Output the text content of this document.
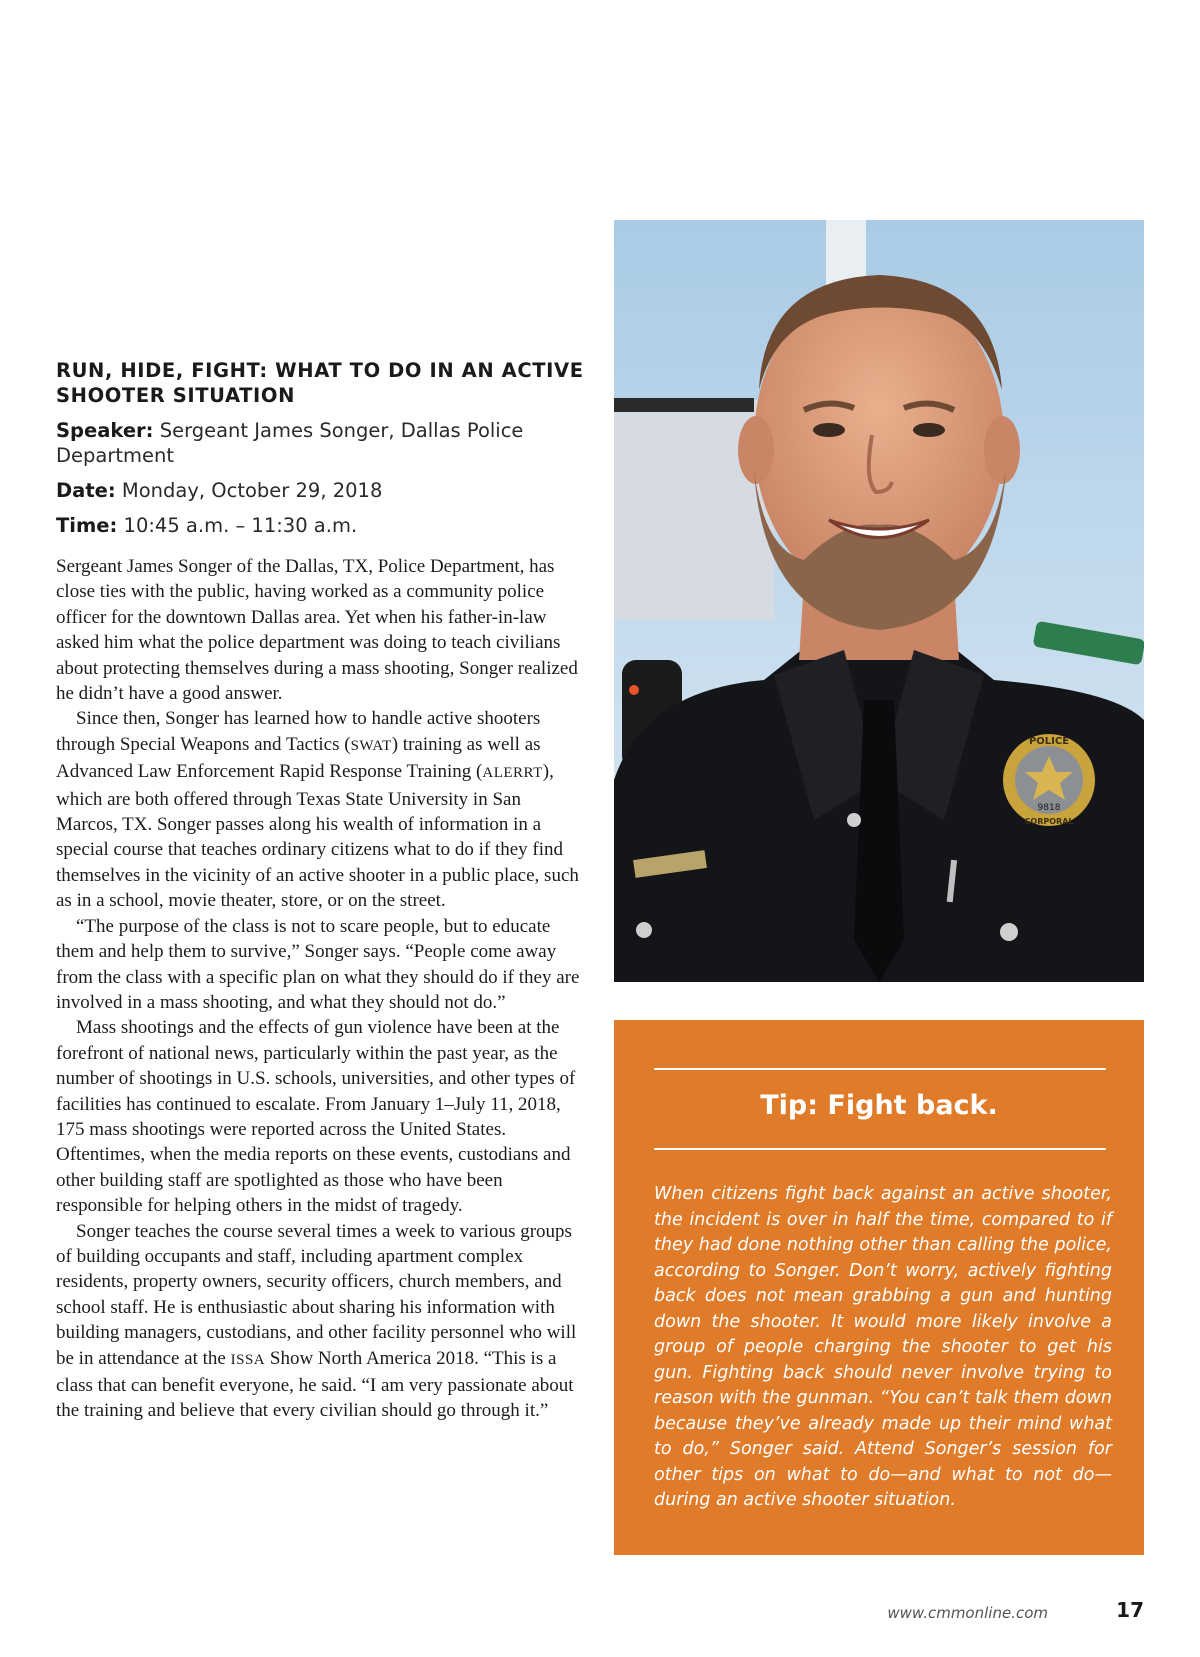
RUN, HIDE, FIGHT: WHAT TO DO IN AN ACTIVE SHOOTER SITUATION

Speaker: Sergeant James Songer, Dallas Police Department

Date: Monday, October 29, 2018

Time: 10:45 a.m. – 11:30 a.m.

Sergeant James Songer of the Dallas, TX, Police Department, has close ties with the public, having worked as a community police officer for the downtown Dallas area. Yet when his father-in-law asked him what the police department was doing to teach civilians about protecting themselves during a mass shooting, Songer realized he didn’t have a good answer.

Since then, Songer has learned how to handle active shooters through Special Weapons and Tactics (SWAT) training as well as Advanced Law Enforcement Rapid Response Training (ALERRT), which are both offered through Texas State University in San Marcos, TX. Songer passes along his wealth of information in a special course that teaches ordinary citizens what to do if they find themselves in the vicinity of an active shooter in a public place, such as in a school, movie theater, store, or on the street.

“The purpose of the class is not to scare people, but to educate them and help them to survive,” Songer says. “People come away from the class with a specific plan on what they should do if they are involved in a mass shooting, and what they should not do.”

Mass shootings and the effects of gun violence have been at the forefront of national news, particularly within the past year, as the number of shootings in U.S. schools, universities, and other types of facilities has continued to escalate. From January 1–July 11, 2018, 175 mass shootings were reported across the United States. Oftentimes, when the media reports on these events, custodians and other building staff are spotlighted as those who have been responsible for helping others in the midst of tragedy.

Songer teaches the course several times a week to various groups of building occupants and staff, including apartment complex residents, property owners, security officers, church members, and school staff. He is enthusiastic about sharing his information with building managers, custodians, and other facility personnel who will be in attendance at the ISSA Show North America 2018. “This is a class that can benefit everyone, he said. “I am very passionate about the training and believe that every civilian should go through it.”

POLICE
9818
CORPORAL
Tip: Fight back.
When citizens fight back against an active shooter, the incident is over in half the time, compared to if they had done nothing other than calling the police, according to Songer. Don’t worry, actively fighting back does not mean grabbing a gun and hunting down the shooter. It would more likely involve a group of people charging the shooter to get his gun. Fighting back should never involve trying to reason with the gunman. “You can’t talk them down because they’ve already made up their mind what to do,” Songer said. Attend Songer’s session for other tips on what to do—and what to not do—during an active shooter situation.
www.cmmonline.com	17
